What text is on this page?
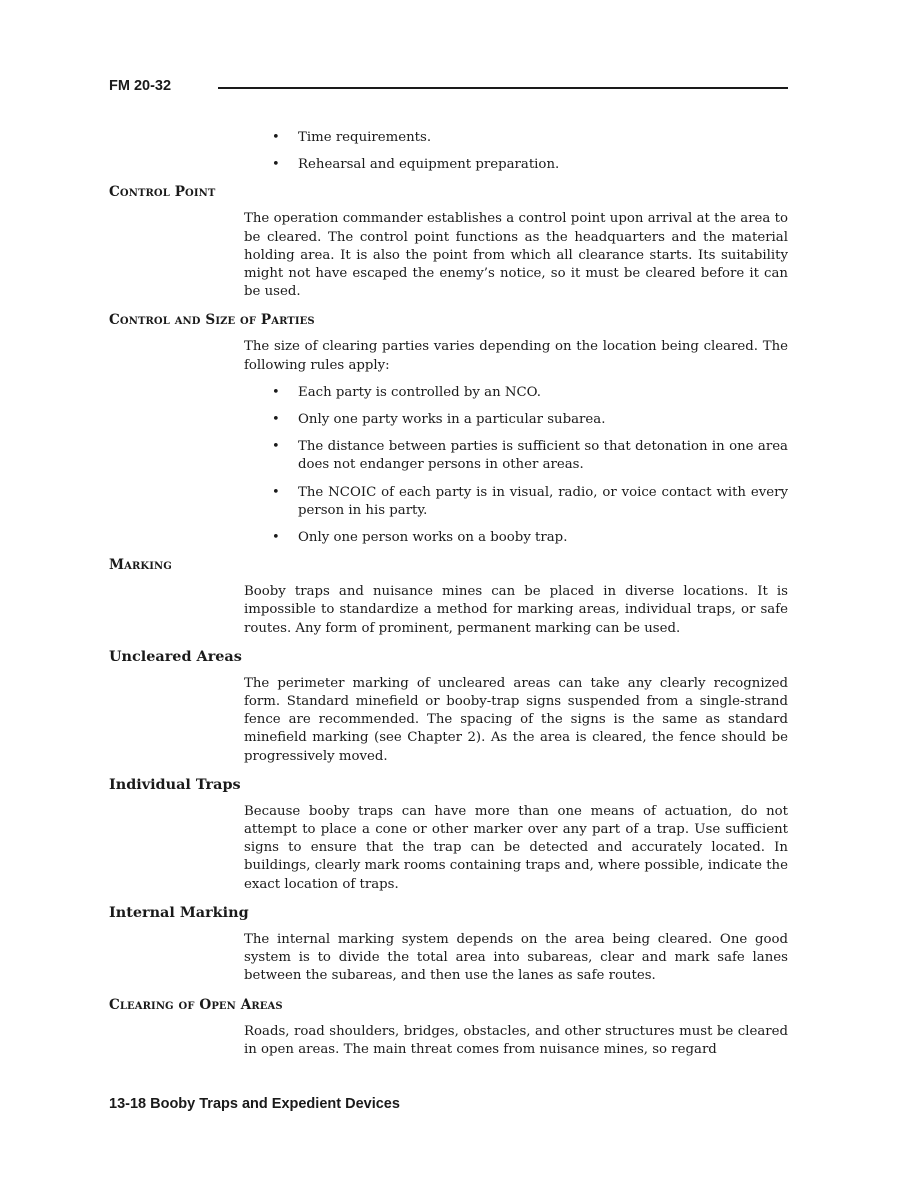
FM 20-32
• Time requirements.
• Rehearsal and equipment preparation.
Control Point

The operation commander establishes a control point upon arrival at the area to be cleared. The control point functions as the headquarters and the material holding area. It is also the point from which all clearance starts. Its suitability might not have escaped the enemy’s notice, so it must be cleared before it can be used.

Control and Size of Parties

The size of clearing parties varies depending on the location being cleared. The following rules apply:

• Each party is controlled by an NCO.
• Only one party works in a particular subarea.
• The distance between parties is sufficient so that detonation in one area does not endanger persons in other areas.
• The NCOIC of each party is in visual, radio, or voice contact with every person in his party.
• Only one person works on a booby trap.
Marking

Booby traps and nuisance mines can be placed in diverse locations. It is impossible to standardize a method for marking areas, individual traps, or safe routes. Any form of prominent, permanent marking can be used.

Uncleared Areas

The perimeter marking of uncleared areas can take any clearly recognized form. Standard minefield or booby-trap signs suspended from a single-strand fence are recommended. The spacing of the signs is the same as standard minefield marking (see Chapter 2). As the area is cleared, the fence should be progressively moved.

Individual Traps

Because booby traps can have more than one means of actuation, do not attempt to place a cone or other marker over any part of a trap. Use sufficient signs to ensure that the trap can be detected and accurately located. In buildings, clearly mark rooms containing traps and, where possible, indicate the exact location of traps.

Internal Marking

The internal marking system depends on the area being cleared. One good system is to divide the total area into subareas, clear and mark safe lanes between the subareas, and then use the lanes as safe routes.

Clearing of Open Areas

Roads, road shoulders, bridges, obstacles, and other structures must be cleared in open areas. The main threat comes from nuisance mines, so regard

13-18 Booby Traps and Expedient Devices
